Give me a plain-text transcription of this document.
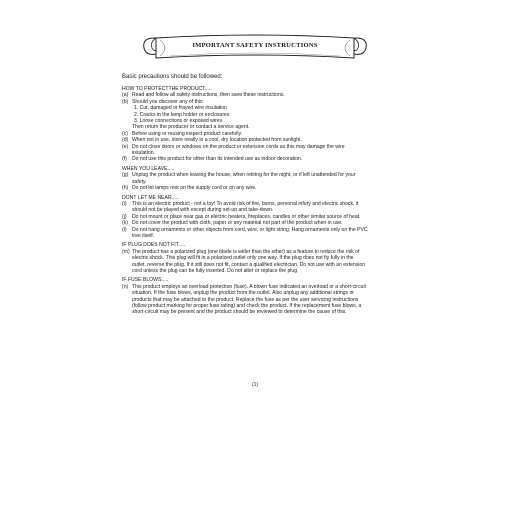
IMPORTANT SAFETY INSTRUCTIONS
Basic precautions should be followed:
HOW TO PROTECTTHE PRODUCT.....
(a) Read and follow all safety instructions, then save these instructions.
(b) Should you discover any of this:
1. Cut, damaged or frayed wire insulation
2. Cracks in the lamp holder or enclosures
3. Loose connections or exposed wires
Then return the producer or contact a service agent.
(c) Before using or reusing inspect product carefully.
(d) When not in use, store neatly in a cool, dry location protected from sunlight.
(e) Do not close doors or windows on the product or extension cords as this may damage the wire insulation.
(f)	Do not use this product for other than its intended use as indoor decoration.
WHEN YOU LEAVE.....
(g) Unplug the product when leaving the house, when retiring for the night, or if left unattended for your safety.
(h) Do not let lamps rest on the supply cord or on any wire.
DONT LET ME NEAR.....
(i)	This is an electric product - not a toy! To avoid risk of fire, burns, personal infury and electric shock, it should not be played with except during set-up and take-down.
(j)	Do not mount or place near gas or electric heaters, fireplaces, candles or other similar source of heat.
(k) Do not cover the product with cloth, paper or any material not part of the product when in use.
(l)	Do not hang ornaments or other objects from cord, wire, or light string. Hang ornaments only on the PVC tree itself.
IF PLUG DOES NOT FIT.....
(m) The product has a polarized plug (one blade is wider than the other) as a feature to reduce the risk of electric shock. This plug will fit in a polarized outlet only one way. If the plug does not fiy fully in the outlet, reverse the plug. If it still does not fit, contact a qualified electrician. Do not use with an extension cord unless the plug can be fully inserted. Do not alter or replace the plug.
IF FUSE BLOWS.....
(n) This product employs an overload protection (fuse). A blown fuse indicated an overload or a short-circuit situation. If the fuse blows, unplug the product from the outlet. Also unplug any additional strings or products that may be attached to the product. Replace the fuse as per the user servicing instructions (follow product marking for proper fuse rating) and check the product. If the replacement fuse blows, a short-circuit may be present and the product should be reviewed to determine the cause of this.
(1)
